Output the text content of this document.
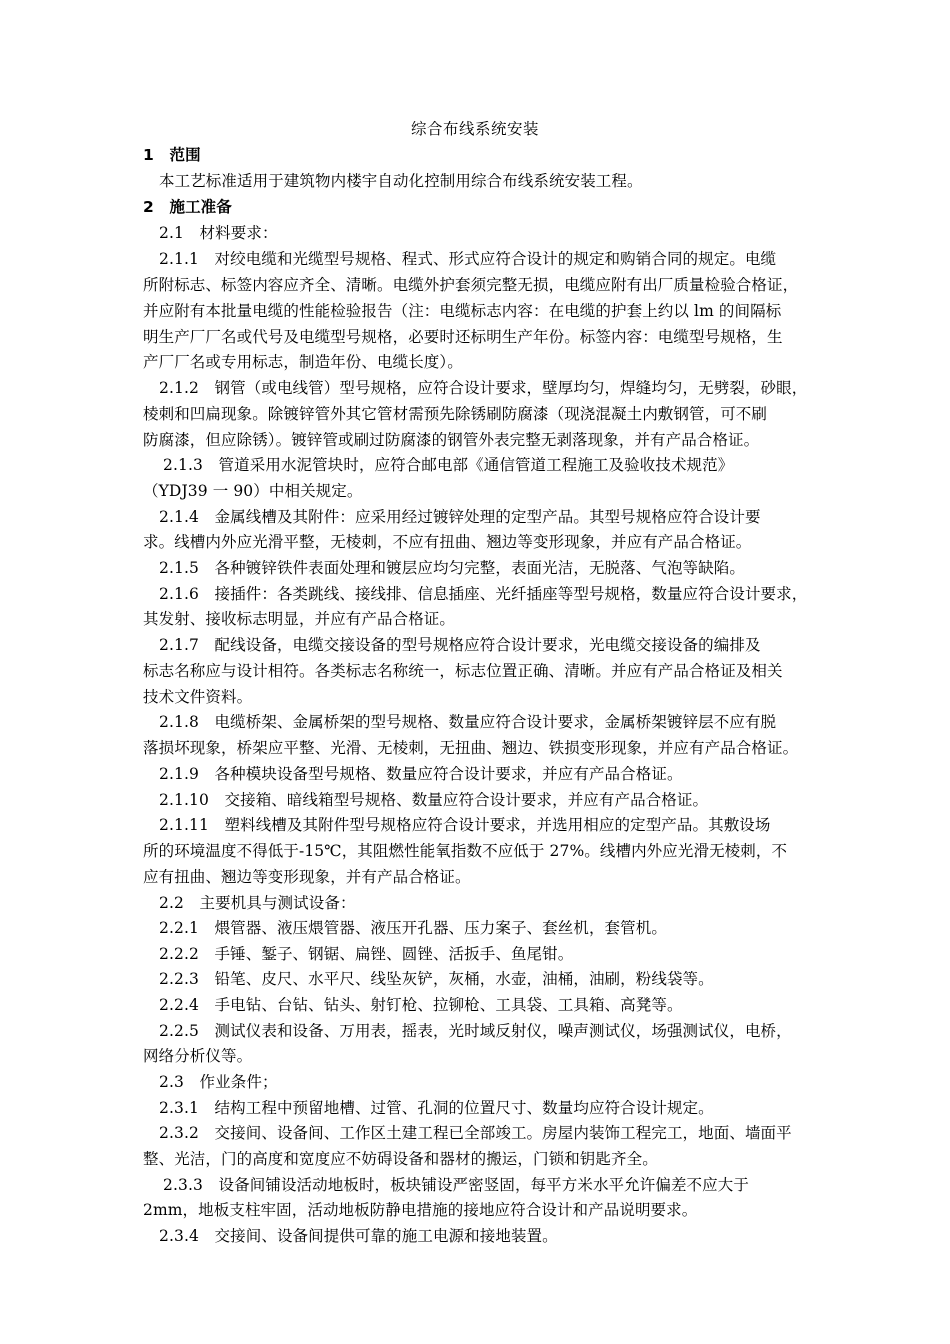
综合布线系统安装
1　范围
本工艺标准适用于建筑物内楼宇自动化控制用综合布线系统安装工程。
2　施工准备
2.1　材料要求：
2.1.1　对绞电缆和光缆型号规格、程式、形式应符合设计的规定和购销合同的规定。电缆
所附标志、标签内容应齐全、清晰。电缆外护套须完整无损，电缆应附有出厂质量检验合格证，
并应附有本批量电缆的性能检验报告（注：电缆标志内容：在电缆的护套上约以 lm 的间隔标
明生产厂厂名或代号及电缆型号规格，必要时还标明生产年份。标签内容：电缆型号规格，生
产厂厂名或专用标志，制造年份、电缆长度）。
2.1.2　钢管（或电线管）型号规格，应符合设计要求，壁厚均匀，焊缝均匀，无劈裂，砂眼，
棱刺和凹扁现象。除镀锌管外其它管材需预先除锈刷防腐漆（现浇混凝土内敷钢管，可不刷
防腐漆，但应除锈）。镀锌管或刷过防腐漆的钢管外表完整无剥落现象，并有产品合格证。
2.1.3　管道采用水泥管块时，应符合邮电部《通信管道工程施工及验收技术规范》
（YDJ39 一 90）中相关规定。
2.1.4　金属线槽及其附件：应采用经过镀锌处理的定型产品。其型号规格应符合设计要
求。线槽内外应光滑平整，无棱刺，不应有扭曲、翘边等变形现象，并应有产品合格证。
2.1.5　各种镀锌铁件表面处理和镀层应均匀完整，表面光洁，无脱落、气泡等缺陷。
2.1.6　接插件：各类跳线、接线排、信息插座、光纤插座等型号规格，数量应符合设计要求，
其发射、接收标志明显，并应有产品合格证。
2.1.7　配线设备，电缆交接设备的型号规格应符合设计要求，光电缆交接设备的编排及
标志名称应与设计相符。各类标志名称统一，标志位置正确、清晰。并应有产品合格证及相关
技术文件资料。
2.1.8　电缆桥架、金属桥架的型号规格、数量应符合设计要求，金属桥架镀锌层不应有脱
落损坏现象，桥架应平整、光滑、无棱刺，无扭曲、翘边、铁损变形现象，并应有产品合格证。
2.1.9　各种模块设备型号规格、数量应符合设计要求，并应有产品合格证。
2.1.10　交接箱、暗线箱型号规格、数量应符合设计要求，并应有产品合格证。
2.1.11　塑料线槽及其附件型号规格应符合设计要求，并选用相应的定型产品。其敷设场
所的环境温度不得低于-15℃，其阻燃性能氧指数不应低于 27%。线槽内外应光滑无棱刺，不
应有扭曲、翘边等变形现象，并有产品合格证。
2.2　主要机具与测试设备：
2.2.1　煨管器、液压煨管器、液压开孔器、压力案子、套丝机，套管机。
2.2.2　手锤、錾子、钢锯、扁锉、圆锉、活扳手、鱼尾钳。
2.2.3　铅笔、皮尺、水平尺、线坠灰铲，灰桶，水壶，油桶，油刷，粉线袋等。
2.2.4　手电钻、台钻、钻头、射钉枪、拉铆枪、工具袋、工具箱、高凳等。
2.2.5　测试仪表和设备、万用表，摇表，光时域反射仪，噪声测试仪，场强测试仪，电桥，
网络分析仪等。
2.3　作业条件；
2.3.1　结构工程中预留地槽、过管、孔洞的位置尺寸、数量均应符合设计规定。
2.3.2　交接间、设备间、工作区土建工程已全部竣工。房屋内装饰工程完工，地面、墙面平
整、光洁，门的高度和宽度应不妨碍设备和器材的搬运，门锁和钥匙齐全。
2.3.3　设备间铺设活动地板时，板块铺设严密竖固，每平方米水平允许偏差不应大于
2mm，地板支柱牢固，活动地板防静电措施的接地应符合设计和产品说明要求。
2.3.4　交接间、设备间提供可靠的施工电源和接地装置。
